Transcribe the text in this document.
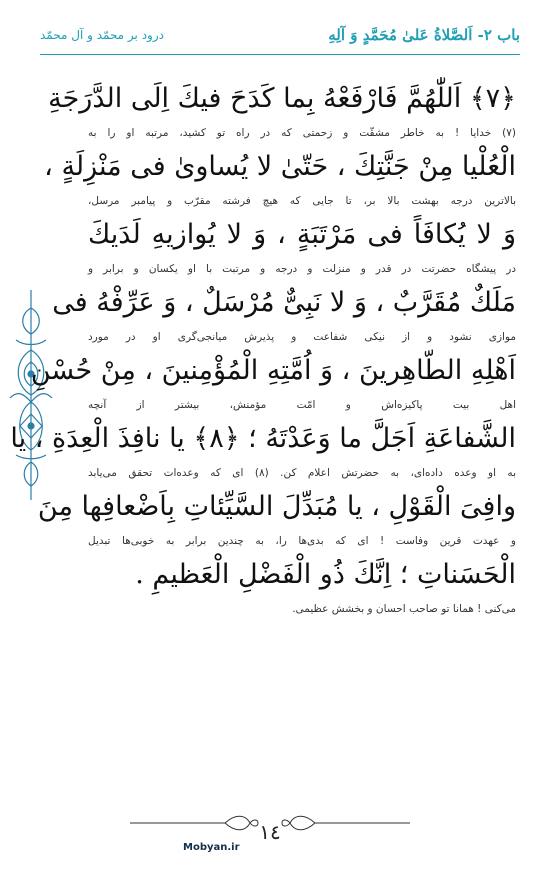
باب ٢- اَلصَّلاةُ عَلىٰ مُحَمَّدٍ وَ آلِهِ
درود بر محمّد و آل محمّد
﴿٧﴾ اَللّٰهُمَّ فَارْفَعْهُ بِما كَدَحَ فيكَ اِلَى الدَّرَجَةِ
(٧) خدايا ! به خاطر مشقّت و زحمتى كه در راه تو كشيد، مرتبه او را به
الْعُلْيا مِنْ جَنَّتِكَ ، حَتّىٰ لا يُساوىٰ فى مَنْزِلَةٍ ،
بالاترين درجه بهشت بالا بر، تا جايى كه هيچ فرشته مقرّب و پيامبر مرسل،
وَ لا يُكافَاً فى مَرْتَبَةٍ ، وَ لا يُوازيهِ لَدَيكَ
در پيشگاه حضرتت در قدر و منزلت و درجه و مرتبت با او يكسان و برابر و
مَلَكٌ مُقَرَّبٌ ، وَ لا نَبِىٌّ مُرْسَلٌ ، وَ عَرِّفْهُ فى
موازى نشود و از نيكى شفاعت و پذيرش ميانجى‌گرى او در مورد
اَهْلِهِ الطّاهِرينَ ، وَ اُمَّتِهِ الْمُؤْمِنينَ ، مِنْ حُسْنِ
اهل بيت پاكيزه‌اش و امّت مؤمنش، بيشتر از آنچه
الشَّفاعَةِ اَجَلَّ ما وَعَدْتَهُ ؛ ﴿٨﴾ يا نافِذَ الْعِدَةِ ، يا
به او وعده داده‌اى، به حضرتش اعلام كن. (٨) اى كه وعده‌ات تحقق مى‌يابد
وافِىَ الْقَوْلِ ، يا مُبَدِّلَ السَّيِّئاتِ بِاَضْعافِها مِنَ
و عهدت قرين وفاست ! اى كه بدى‌ها را، به چندين برابر به خوبى‌ها تبديل
الْحَسَناتِ ؛ اِنَّكَ ذُو الْفَضْلِ الْعَظيمِ .
مى‌كنى ! همانا تو صاحب احسان و بخشش عظيمى.
١٤
Mobyan.ir
